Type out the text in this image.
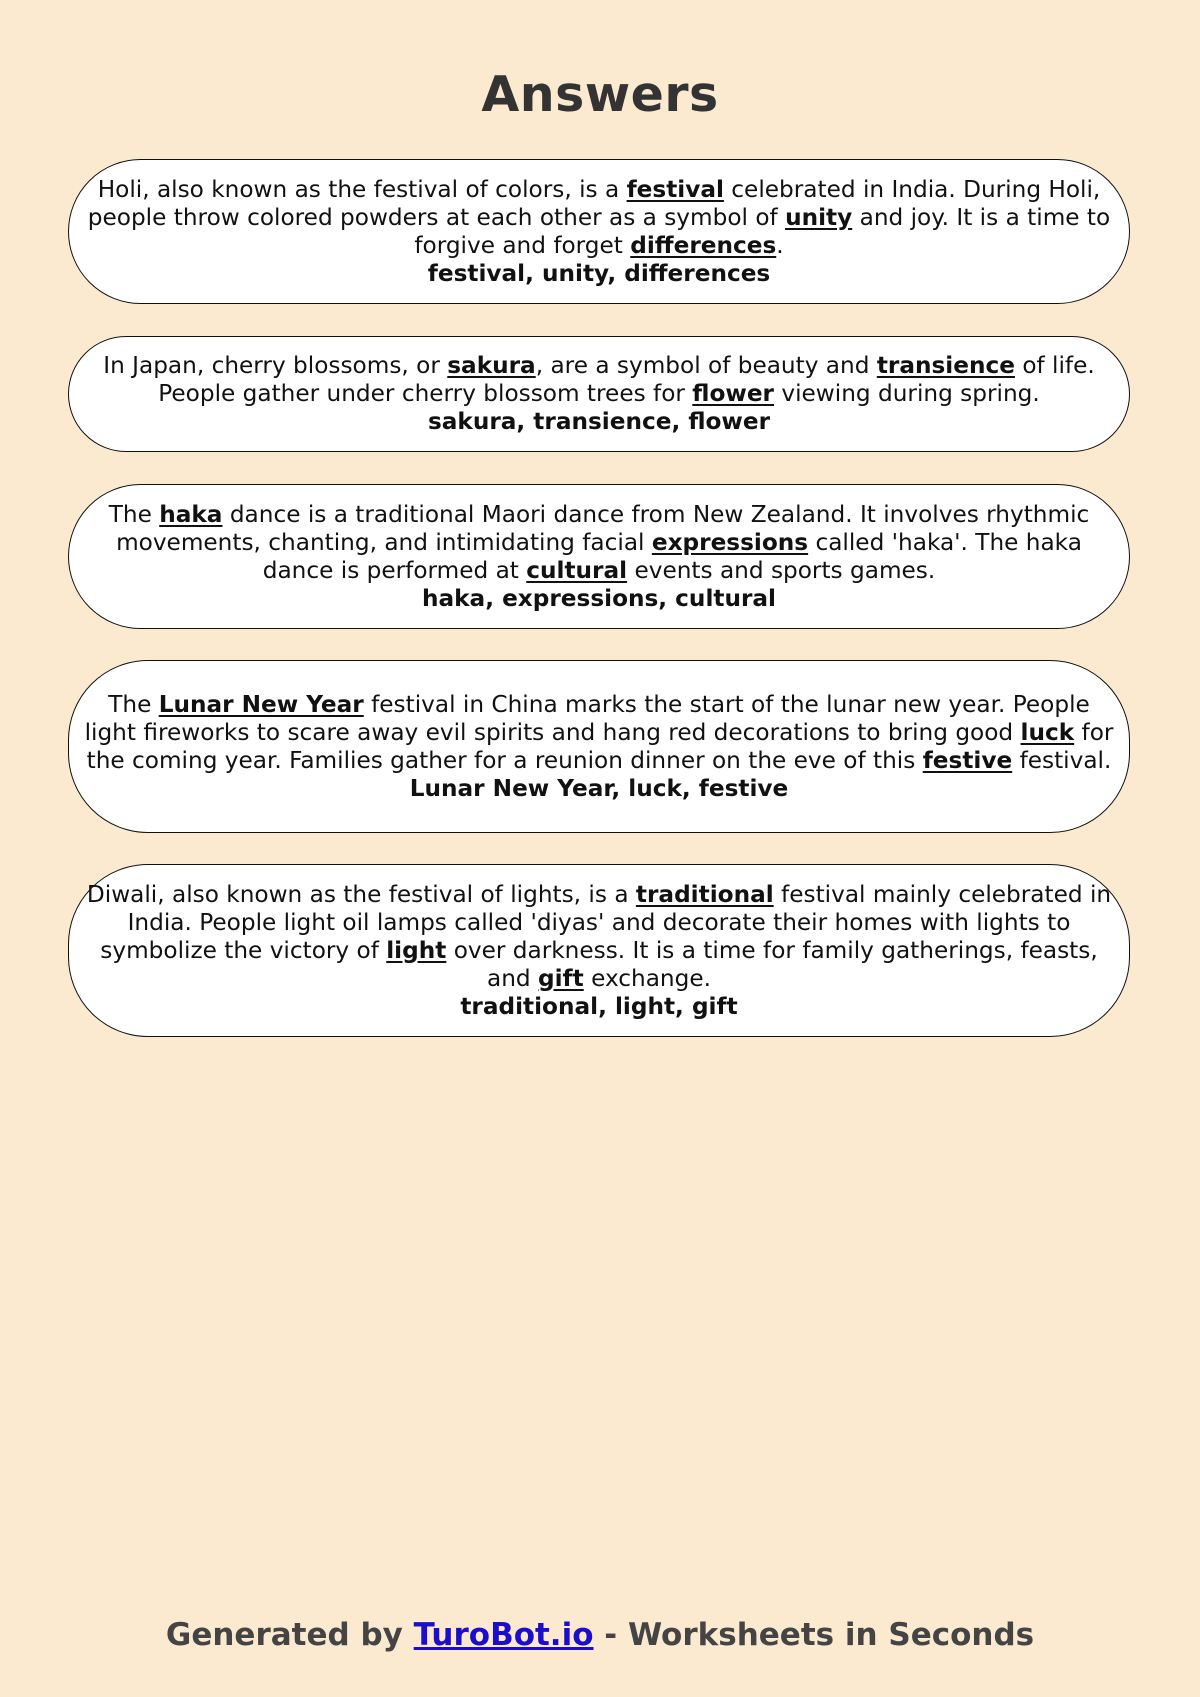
Answers

Holi, also known as the festival of colors, is a festival celebrated in India. During Holi, people throw colored powders at each other as a symbol of unity and joy. It is a time to forgive and forget differences.

festival, unity, differences

In Japan, cherry blossoms, or sakura, are a symbol of beauty and transience of life. People gather under cherry blossom trees for flower viewing during spring.

sakura, transience, flower

The haka dance is a traditional Maori dance from New Zealand. It involves rhythmic movements, chanting, and intimidating facial expressions called 'haka'. The haka dance is performed at cultural events and sports games.

haka, expressions, cultural

The Lunar New Year festival in China marks the start of the lunar new year. People light fireworks to scare away evil spirits and hang red decorations to bring good luck for the coming year. Families gather for a reunion dinner on the eve of this festive festival.

Lunar New Year, luck, festive

Diwali, also known as the festival of lights, is a traditional festival mainly celebrated in India. People light oil lamps called 'diyas' and decorate their homes with lights to symbolize the victory of light over darkness. It is a time for family gatherings, feasts, and gift exchange.

traditional, light, gift

Generated by TuroBot.io - Worksheets in Seconds
